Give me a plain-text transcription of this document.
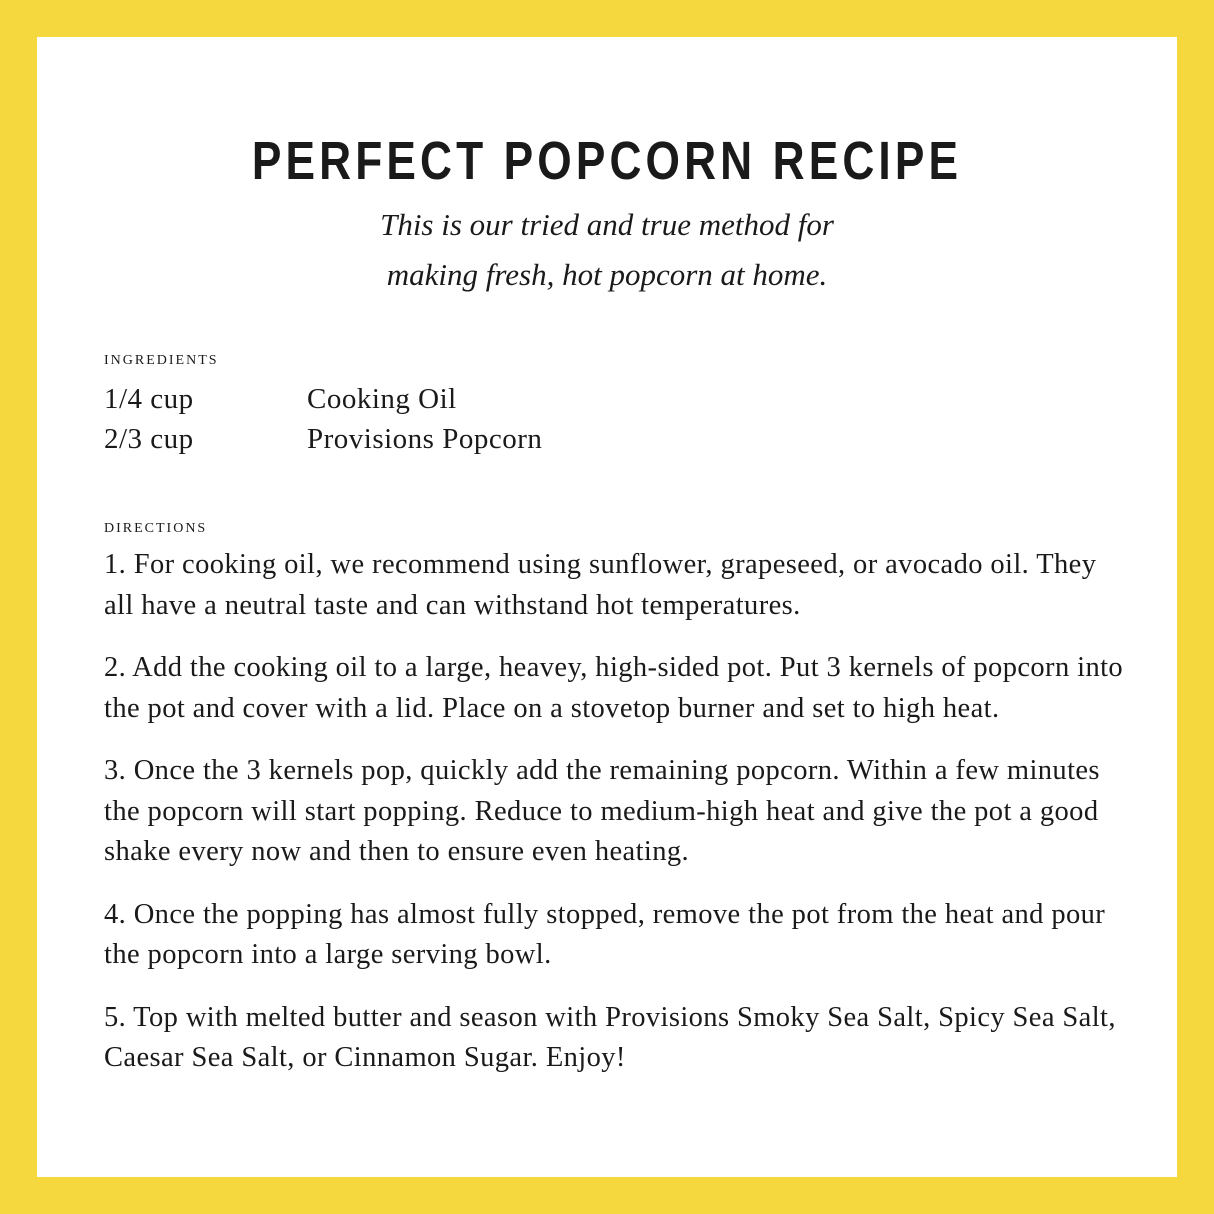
PERFECT POPCORN RECIPE
This is our tried and true method for
making fresh, hot popcorn at home.
ingredients
1/4 cup	Cooking Oil
2/3 cup	Provisions Popcorn
directions

1. For cooking oil, we recommend using sunflower, grapeseed, or avocado oil. They all have a neutral taste and can withstand hot temperatures.

2. Add the cooking oil to a large, heavey, high-sided pot. Put 3 kernels of popcorn into the pot and cover with a lid. Place on a stovetop burner and set to high heat.

3. Once the 3 kernels pop, quickly add the remaining popcorn. Within a few minutes the popcorn will start popping. Reduce to medium-high heat and give the pot a good shake every now and then to ensure even heating.

4. Once the popping has almost fully stopped, remove the pot from the heat and pour the popcorn into a large serving bowl.

5. Top with melted butter and season with Provisions Smoky Sea Salt, Spicy Sea Salt, Caesar Sea Salt, or Cinnamon Sugar. Enjoy!
